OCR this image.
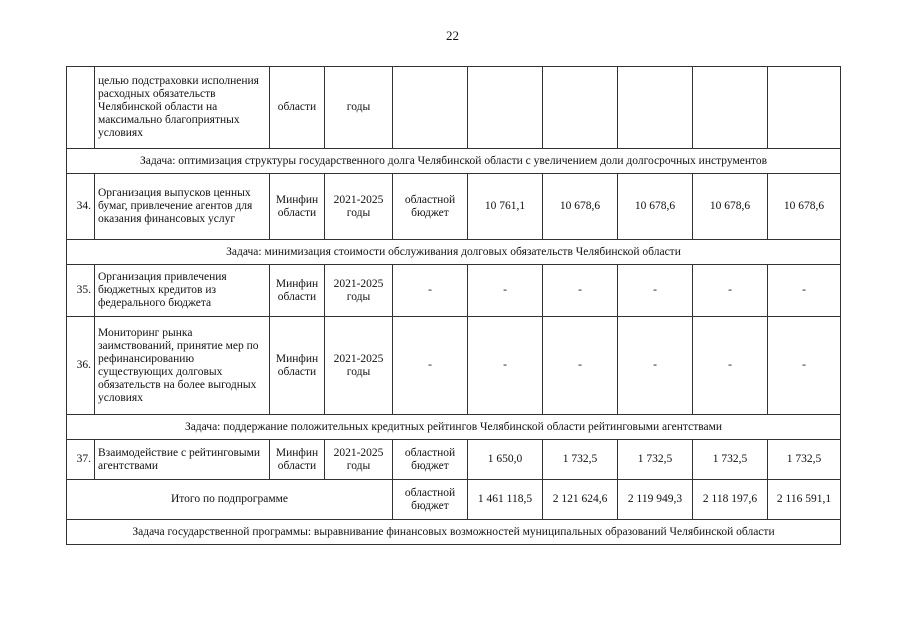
22
	целью подстраховки исполнения расходных обязательств Челябинской области на максимально благоприятных условиях	области	годы						
Задача: оптимизация структуры государственного долга Челябинской области с увеличением доли долгосрочных инструментов									
34.	Организация выпусков ценных бумаг, привлечение агентов для оказания финансовых услуг	Минфин области	2021-2025 годы	областной бюджет	10 761,1	10 678,6	10 678,6	10 678,6	10 678,6
Задача: минимизация стоимости обслуживания долговых обязательств Челябинской области									
35.	Организация привлечения бюджетных кредитов из федерального бюджета	Минфин области	2021-2025 годы	-	-	-	-	-	-
36.	Мониторинг рынка заимствований, принятие мер по рефинансированию существующих долговых обязательств на более выгодных условиях	Минфин области	2021-2025 годы	-	-	-	-	-	-
Задача: поддержание положительных кредитных рейтингов Челябинской области рейтинговыми агентствами									
37.	Взаимодействие с рейтинговыми агентствами	Минфин области	2021-2025 годы	областной бюджет	1 650,0	1 732,5	1 732,5	1 732,5	1 732,5
Итого по подпрограмме				областной бюджет	1 461 118,5	2 121 624,6	2 119 949,3	2 118 197,6	2 116 591,1
Задача государственной программы: выравнивание финансовых возможностей муниципальных образований Челябинской области									
